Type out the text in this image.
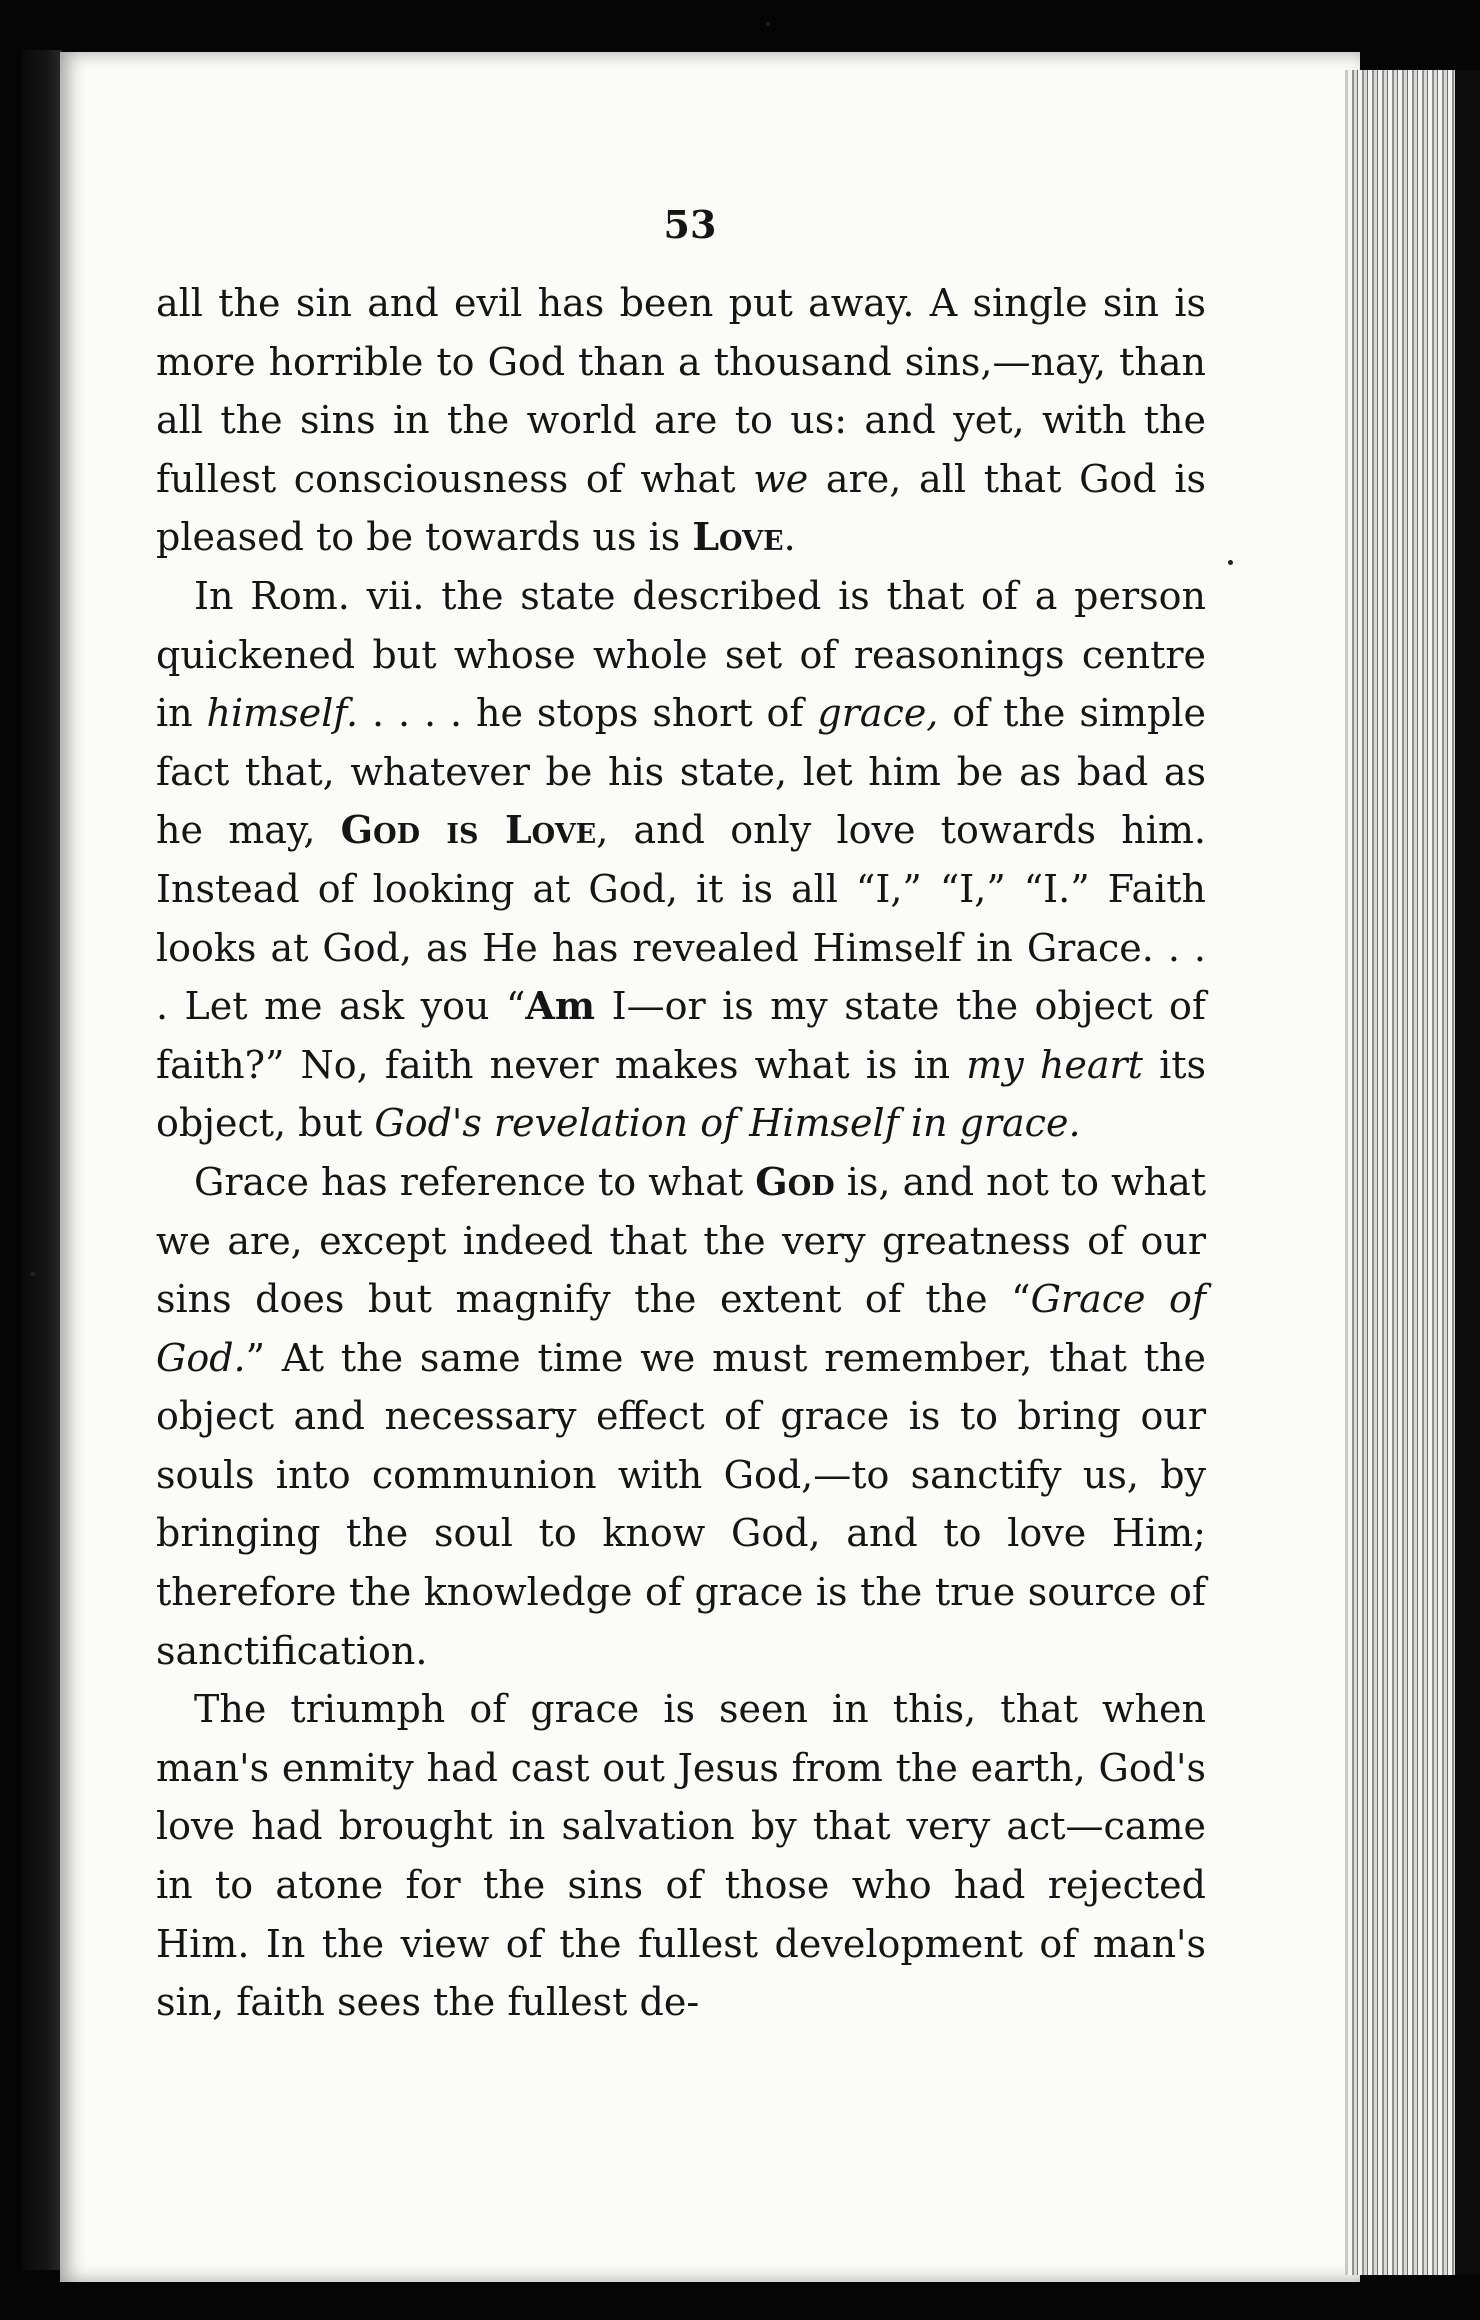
53

all the sin and evil has been put away. A single sin is more horrible to God than a thousand sins,—nay, than all the sins in the world are to us: and yet, with the fullest consciousness of what we are, all that God is pleased to be towards us is Love.

In Rom. vii. the state described is that of a person quickened but whose whole set of reasonings centre in himself. . . . . he stops short of grace, of the simple fact that, whatever be his state, let him be as bad as he may, God is Love, and only love towards him. Instead of looking at God, it is all “I,” “I,” “I.” Faith looks at God, as He has revealed Himself in Grace. . . . Let me ask you “Am I—or is my state the object of faith?” No, faith never makes what is in my heart its object, but God's revelation of Himself in grace.

Grace has reference to what God is, and not to what we are, except indeed that the very greatness of our sins does but magnify the extent of the “Grace of God.” At the same time we must remember, that the object and necessary effect of grace is to bring our souls into communion with God,—to sanctify us, by bringing the soul to know God, and to love Him; therefore the knowledge of grace is the true source of sanctification.

The triumph of grace is seen in this, that when man's enmity had cast out Jesus from the earth, God's love had brought in salvation by that very act—came in to atone for the sins of those who had rejected Him. In the view of the fullest development of man's sin, faith sees the fullest de-
